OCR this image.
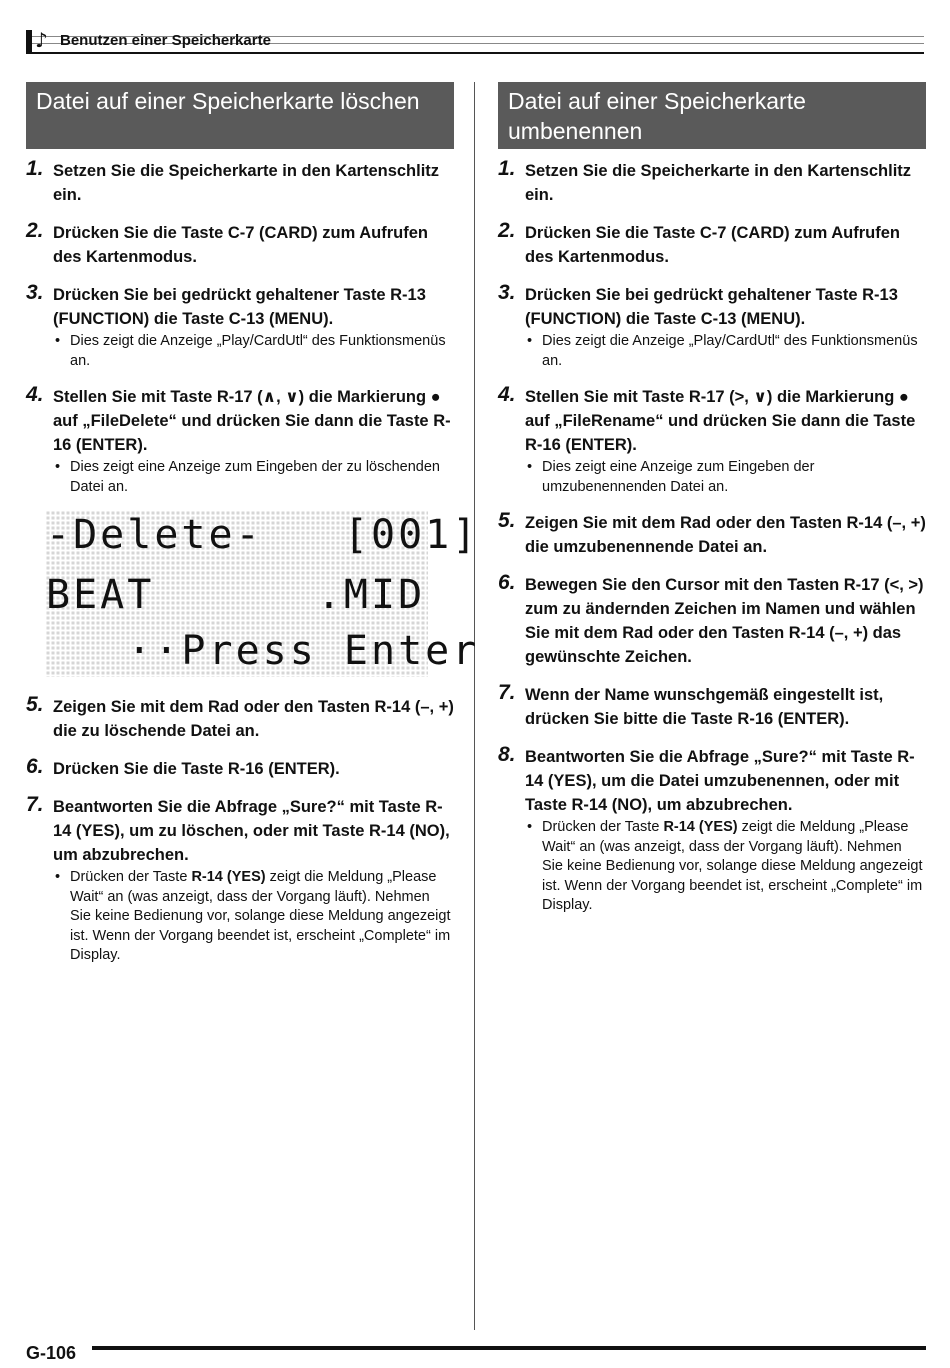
♪ Benutzen einer Speicherkarte
Datei auf einer Speicherkarte löschen
1. Setzen Sie die Speicherkarte in den Kartenschlitz ein.
2. Drücken Sie die Taste C-7 (CARD) zum Aufrufen des Kartenmodus.
3. Drücken Sie bei gedrückt gehaltener Taste R-13 (FUNCTION) die Taste C-13 (MENU).
• Dies zeigt die Anzeige „Play/CardUtl“ des Funktionsmenüs an.
4. Stellen Sie mit Taste R-17 (∧, ∨) die Markierung ● auf „FileDelete“ und drücken Sie dann die Taste R-16 (ENTER).
• Dies zeigt eine Anzeige zum Eingeben der zu löschenden Datei an.
-Delete-   [001]
BEAT      .MID
··Press Enter
5. Zeigen Sie mit dem Rad oder den Tasten R-14 (–, +) die zu löschende Datei an.
6. Drücken Sie die Taste R-16 (ENTER).
7. Beantworten Sie die Abfrage „Sure?“ mit Taste R-14 (YES), um zu löschen, oder mit Taste R-14 (NO), um abzubrechen.
• Drücken der Taste R-14 (YES) zeigt die Meldung „Please Wait“ an (was anzeigt, dass der Vorgang läuft). Nehmen Sie keine Bedienung vor, solange diese Meldung angezeigt ist. Wenn der Vorgang beendet ist, erscheint „Complete“ im Display.
Datei auf einer Speicherkarte umbenennen
1. Setzen Sie die Speicherkarte in den Kartenschlitz ein.
2. Drücken Sie die Taste C-7 (CARD) zum Aufrufen des Kartenmodus.
3. Drücken Sie bei gedrückt gehaltener Taste R-13 (FUNCTION) die Taste C-13 (MENU).
• Dies zeigt die Anzeige „Play/CardUtl“ des Funktionsmenüs an.
4. Stellen Sie mit Taste R-17 (>, ∨) die Markierung ● auf „FileRename“ und drücken Sie dann die Taste R-16 (ENTER).
• Dies zeigt eine Anzeige zum Eingeben der umzubenennenden Datei an.
5. Zeigen Sie mit dem Rad oder den Tasten R-14 (–, +) die umzubenennende Datei an.
6. Bewegen Sie den Cursor mit den Tasten R-17 (<, >) zum zu ändernden Zeichen im Namen und wählen Sie mit dem Rad oder den Tasten R-14 (–, +) das gewünschte Zeichen.
7. Wenn der Name wunschgemäß eingestellt ist, drücken Sie bitte die Taste R-16 (ENTER).
8. Beantworten Sie die Abfrage „Sure?“ mit Taste R-14 (YES), um die Datei umzubenennen, oder mit Taste R-14 (NO), um abzubrechen.
• Drücken der Taste R-14 (YES) zeigt die Meldung „Please Wait“ an (was anzeigt, dass der Vorgang läuft). Nehmen Sie keine Bedienung vor, solange diese Meldung angezeigt ist. Wenn der Vorgang beendet ist, erscheint „Complete“ im Display.
G-106
